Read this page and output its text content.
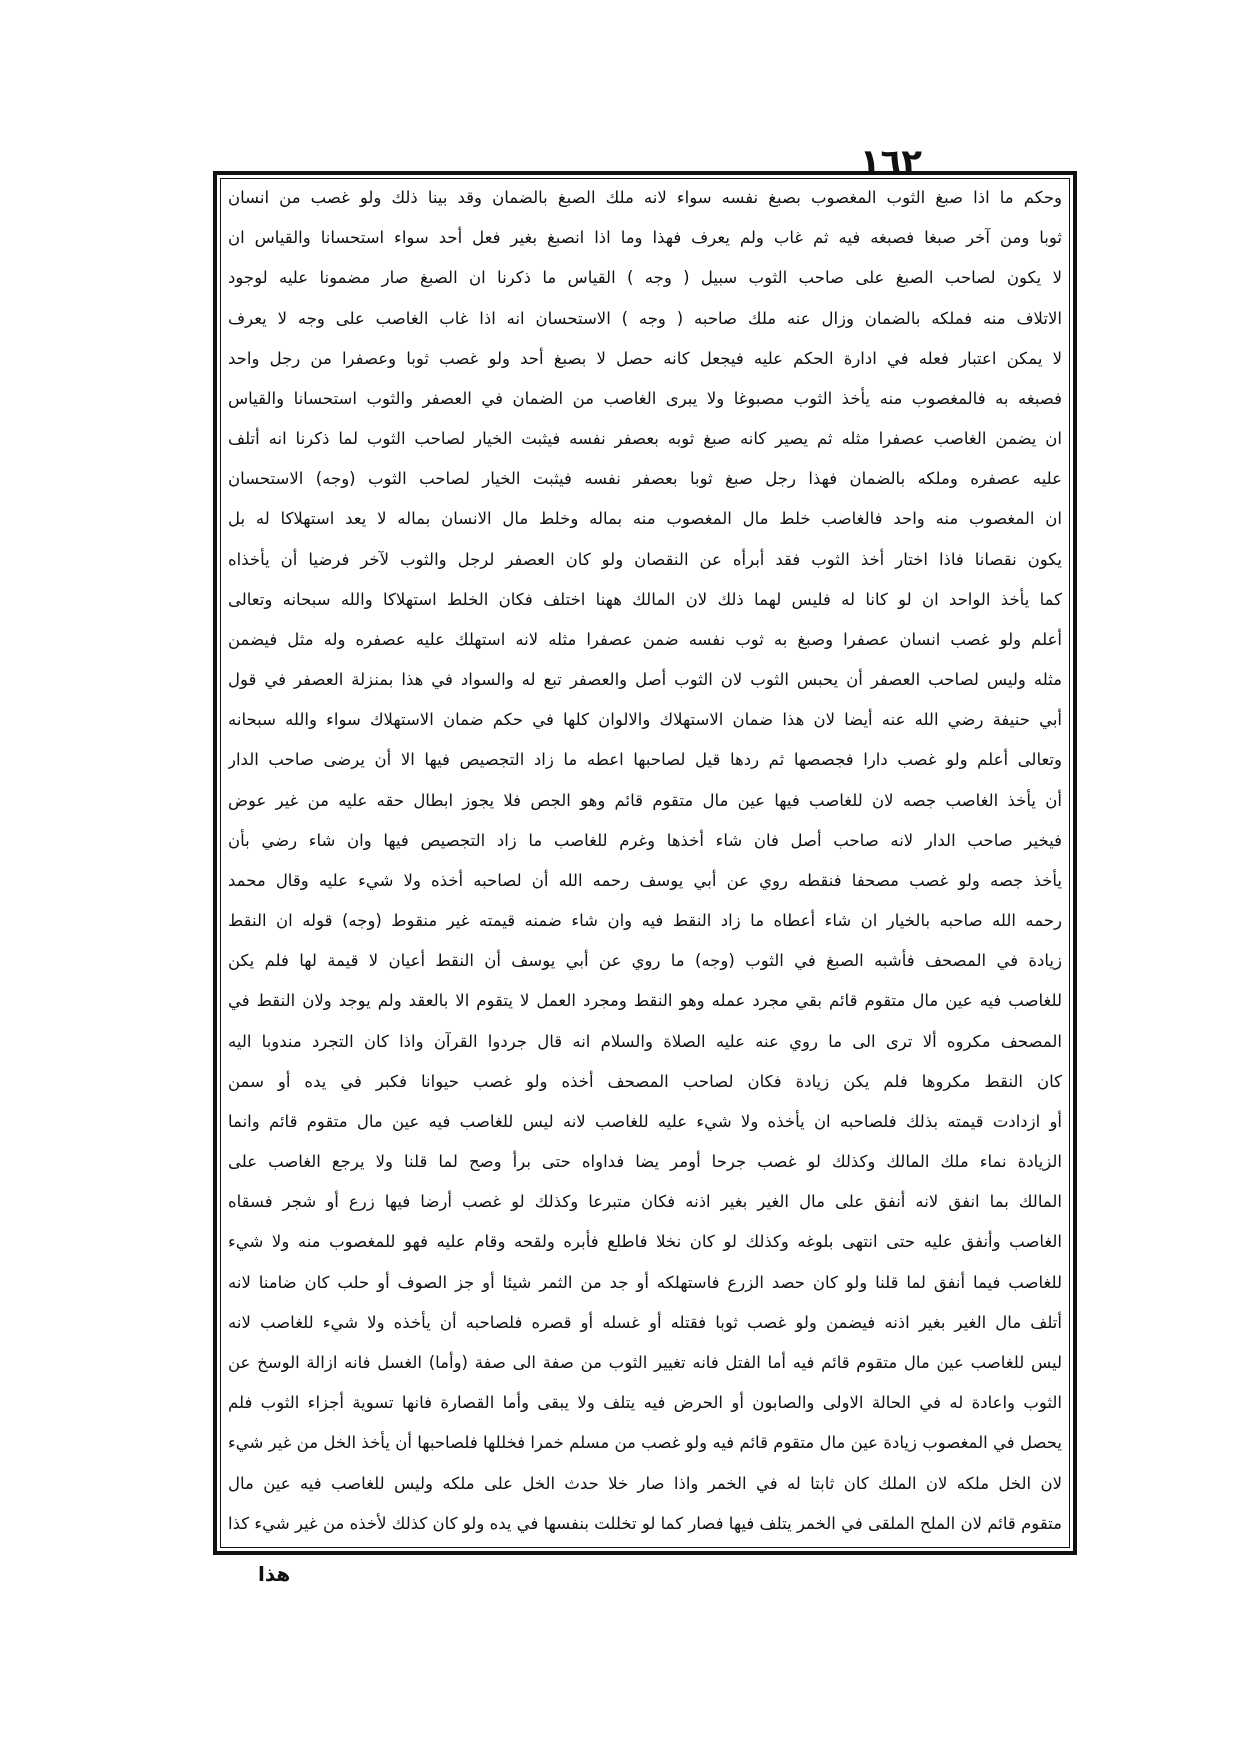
١٦٢
وحكم ما اذا صبغ الثوب المغصوب بصبغ نفسه سواء لانه ملك الصبغ بالضمان وقد بينا ذلك ولو غصب من انسان
ثوبا ومن آخر صبغا فصبغه فيه ثم غاب ولم يعرف فهذا وما اذا انصبغ بغير فعل أحد سواء استحسانا والقياس ان
لا يكون لصاحب الصبغ على صاحب الثوب سبيل ( وجه ) القياس ما ذكرنا ان الصبغ صار مضمونا عليه لوجود
الاتلاف منه فملكه بالضمان وزال عنه ملك صاحبه ( وجه ) الاستحسان انه اذا غاب الغاصب على وجه لا يعرف
لا يمكن اعتبار فعله في ادارة الحكم عليه فيجعل كانه حصل لا بصبغ أحد ولو غصب ثوبا وعصفرا من رجل واحد
فصبغه به فالمغصوب منه يأخذ الثوب مصبوغا ولا يبرى الغاصب من الضمان في العصفر والثوب استحسانا والقياس
ان يضمن الغاصب عصفرا مثله ثم يصير كانه صبغ ثوبه بعصفر نفسه فيثبت الخيار لصاحب الثوب لما ذكرنا انه أتلف
عليه عصفره وملكه بالضمان فهذا رجل صبغ ثوبا بعصفر نفسه فيثبت الخيار لصاحب الثوب (وجه) الاستحسان
ان المغصوب منه واحد فالغاصب خلط مال المغصوب منه بماله وخلط مال الانسان بماله لا يعد استهلاكا له بل
يكون نقصانا فاذا اختار أخذ الثوب فقد أبرأه عن النقصان ولو كان العصفر لرجل والثوب لآخر فرضيا أن يأخذاه
كما يأخذ الواحد ان لو كانا له فليس لهما ذلك لان المالك ههنا اختلف فكان الخلط استهلاكا والله سبحانه وتعالى
أعلم ولو غصب انسان عصفرا وصبغ به ثوب نفسه ضمن عصفرا مثله لانه استهلك عليه عصفره وله مثل فيضمن
مثله وليس لصاحب العصفر أن يحبس الثوب لان الثوب أصل والعصفر تبع له والسواد في هذا بمنزلة العصفر في قول
أبي حنيفة رضي الله عنه أيضا لان هذا ضمان الاستهلاك والالوان كلها في حكم ضمان الاستهلاك سواء والله سبحانه
وتعالى أعلم ولو غصب دارا فجصصها ثم ردها قيل لصاحبها اعطه ما زاد التجصيص فيها الا أن يرضى صاحب الدار
أن يأخذ الغاصب جصه لان للغاصب فيها عين مال متقوم قائم وهو الجص فلا يجوز ابطال حقه عليه من غير عوض
فيخير صاحب الدار لانه صاحب أصل فان شاء أخذها وغرم للغاصب ما زاد التجصيص فيها وان شاء رضي بأن
يأخذ جصه ولو غصب مصحفا فنقطه روي عن أبي يوسف رحمه الله أن لصاحبه أخذه ولا شيء عليه وقال محمد
رحمه الله صاحبه بالخيار ان شاء أعطاه ما زاد النقط فيه وان شاء ضمنه قيمته غير منقوط (وجه) قوله ان النقط
زيادة في المصحف فأشبه الصبغ في الثوب (وجه) ما روي عن أبي يوسف أن النقط أعيان لا قيمة لها فلم يكن
للغاصب فيه عين مال متقوم قائم بقي مجرد عمله وهو النقط ومجرد العمل لا يتقوم الا بالعقد ولم يوجد ولان النقط في
المصحف مكروه ألا ترى الى ما روي عنه عليه الصلاة والسلام انه قال جردوا القرآن واذا كان التجرد مندوبا اليه
كان النقط مكروها فلم يكن زيادة فكان لصاحب المصحف أخذه ولو غصب حيوانا فكبر في يده أو سمن
أو ازدادت قيمته بذلك فلصاحبه ان يأخذه ولا شيء عليه للغاصب لانه ليس للغاصب فيه عين مال متقوم قائم وانما
الزيادة نماء ملك المالك وكذلك لو غصب جرحا أومر يضا فداواه حتى برأ وصح لما قلنا ولا يرجع الغاصب على
المالك بما انفق لانه أنفق على مال الغير بغير اذنه فكان متبرعا وكذلك لو غصب أرضا فيها زرع أو شجر فسقاه
الغاصب وأنفق عليه حتى انتهى بلوغه وكذلك لو كان نخلا فاطلع فأبره ولقحه وقام عليه فهو للمغصوب منه ولا شيء
للغاصب فيما أنفق لما قلنا ولو كان حصد الزرع فاستهلكه أو جد من الثمر شيئا أو جز الصوف أو حلب كان ضامنا لانه
أتلف مال الغير بغير اذنه فيضمن ولو غصب ثوبا فقتله أو غسله أو قصره فلصاحبه أن يأخذه ولا شيء للغاصب لانه
ليس للغاصب عين مال متقوم قائم فيه أما الفتل فانه تغيير الثوب من صفة الى صفة (وأما) الغسل فانه ازالة الوسخ عن
الثوب واعادة له في الحالة الاولى والصابون أو الحرض فيه يتلف ولا يبقى وأما القصارة فانها تسوية أجزاء الثوب فلم
يحصل في المغصوب زيادة عين مال متقوم قائم فيه ولو غصب من مسلم خمرا فخللها فلصاحبها أن يأخذ الخل من غير شيء
لان الخل ملكه لان الملك كان ثابتا له في الخمر واذا صار خلا حدث الخل على ملكه وليس للغاصب فيه عين مال
متقوم قائم لان الملح الملقى في الخمر يتلف فيها فصار كما لو تخللت بنفسها في يده ولو كان كذلك لأخذه من غير شيء كذا
هذا
